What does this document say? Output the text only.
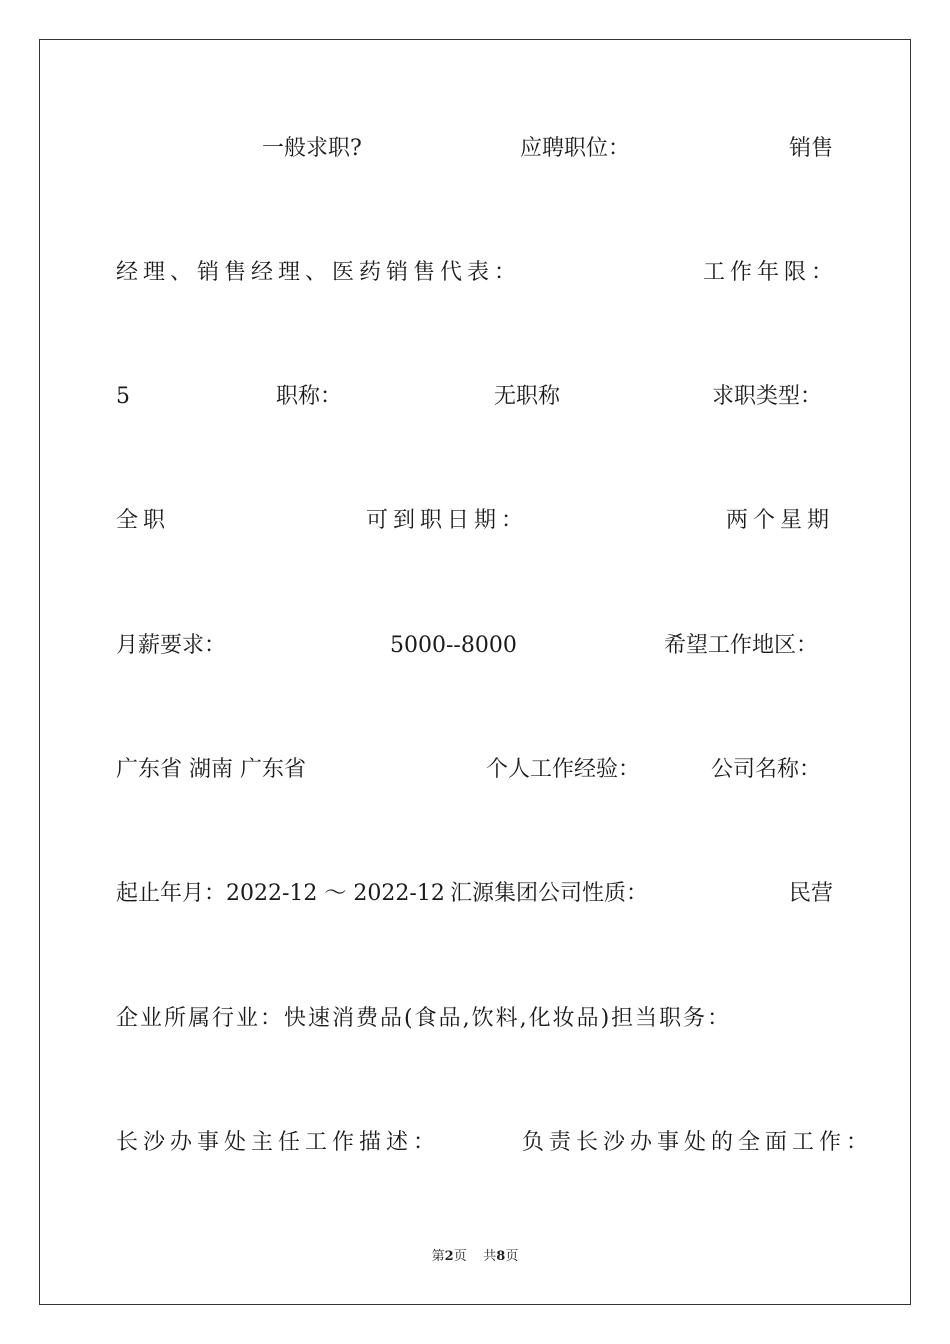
一般求职?	应聘职位：	销售
经理、销售经理、医药销售代表：	工作年限：
5	职称：	无职称	求职类型：
全职	可到职日期：	两个星期
月薪要求：	5000--8000	希望工作地区：
广东省 湖南 广东省	个人工作经验：	公司名称：
起止年月：2022-12 ～ 2022-12 汇源集团公司性质：	民营
企业所属行业：快速消费品(食品,饮料,化妆品)担当职务：
长沙办事处主任工作描述：	负责长沙办事处的全面工作：
第2页 共8页
